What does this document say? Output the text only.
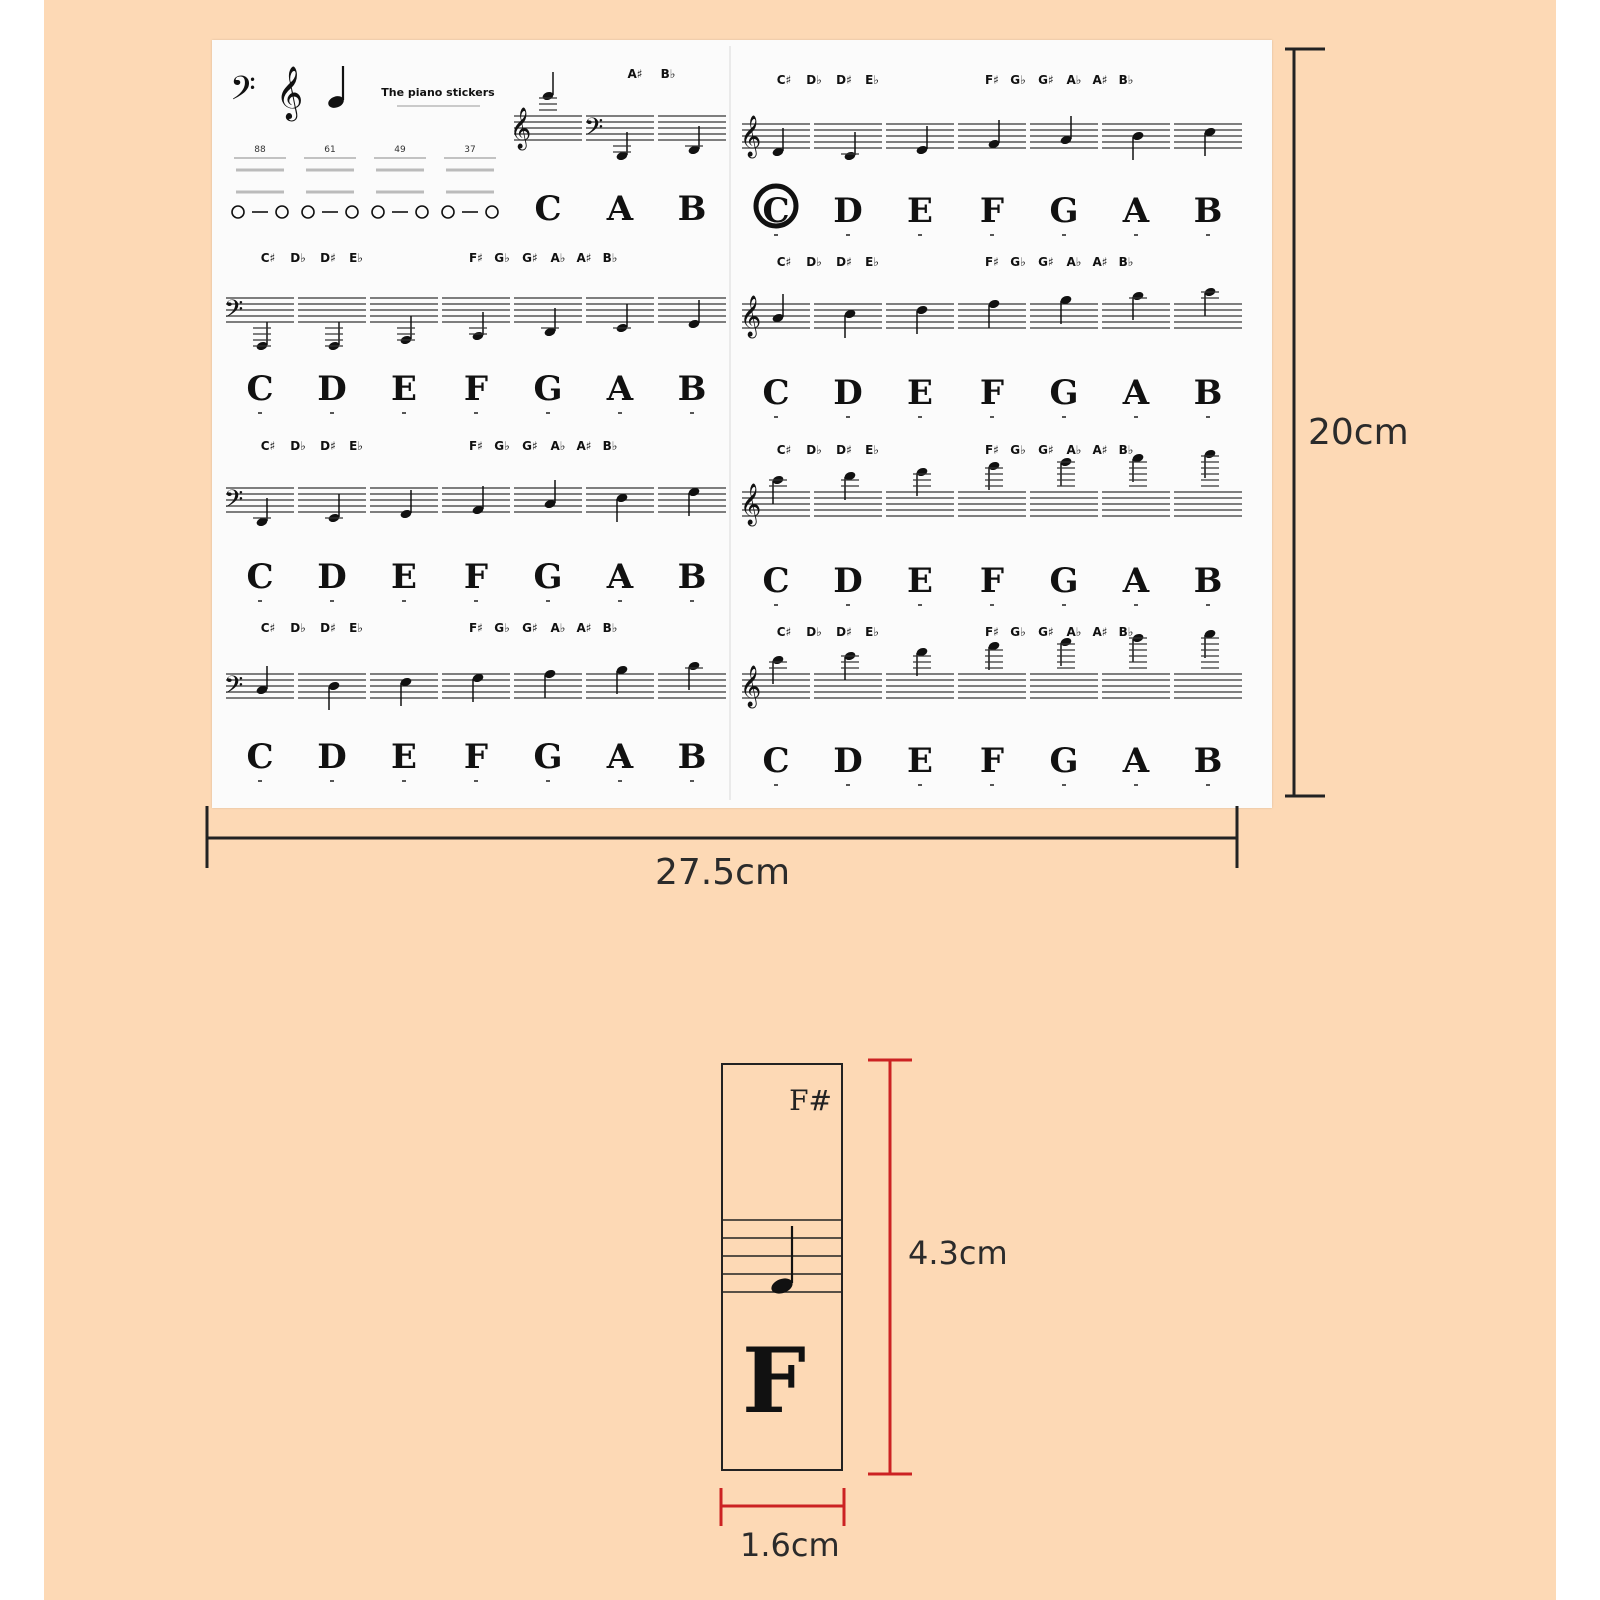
𝄢 𝄞	The piano stickers
88	61	49	37
A♯ B♭
𝄞 𝄢
C A B
C♯ D♭ D♯ E♭	F♯ G♭ G♯ A♭ A♯ B♭
𝄞
C D E F G A B
C♯ D♭ D♯ E♭	F♯ G♭ G♯ A♭ A♯ B♭
𝄢
C D E F G A B
C♯ D♭ D♯ E♭	F♯ G♭ G♯ A♭ A♯ B♭
𝄢
C D E F G A B
C♯ D♭ D♯ E♭	F♯ G♭ G♯ A♭ A♯ B♭
𝄢
C D E F G A B
C♯ D♭ D♯ E♭	F♯ G♭ G♯ A♭ A♯ B♭
𝄞
C D E F G A B
C♯ D♭ D♯ E♭	F♯ G♭ G♯ A♭ A♯ B♭
𝄞
C D E F G A B
C♯ D♭ D♯ E♭	F♯ G♭ G♯ A♭ A♯ B♭
𝄞
C D E F G A B
20cm
27.5cm
F#
F
4.3cm
1.6cm
